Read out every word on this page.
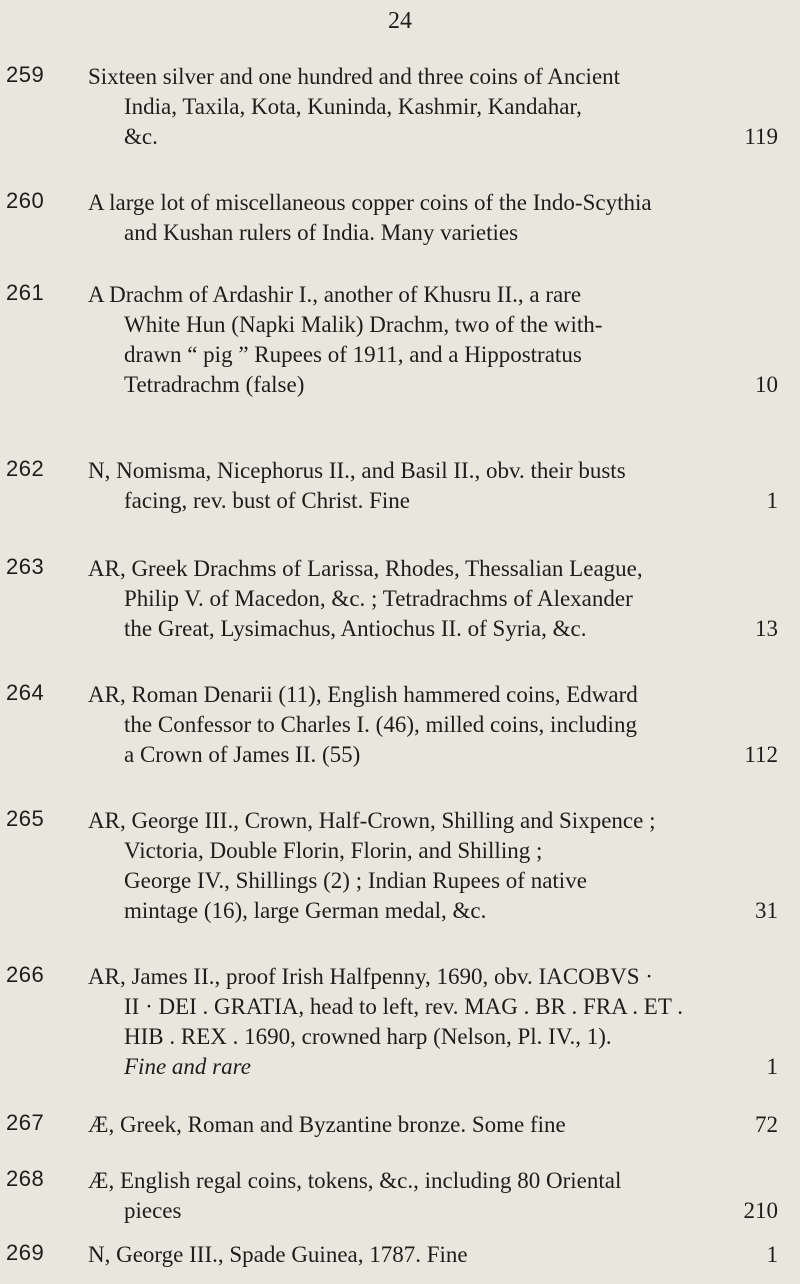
24
259	Sixteen silver and one hundred and three coins of Ancient
India, Taxila, Kota, Kuninda, Kashmir, Kandahar,
&c.	119
260	A large lot of miscellaneous copper coins of the Indo-Scythia
and Kushan rulers of India. Many varieties
261	A Drachm of Ardashir I., another of Khusru II., a rare
White Hun (Napki Malik) Drachm, two of the with-
drawn “ pig ” Rupees of 1911, and a Hippostratus
Tetradrachm (false)	10
262	N, Nomisma, Nicephorus II., and Basil II., obv. their busts
facing, rev. bust of Christ. Fine	1
263	AR, Greek Drachms of Larissa, Rhodes, Thessalian League,
Philip V. of Macedon, &c. ; Tetradrachms of Alexander
the Great, Lysimachus, Antiochus II. of Syria, &c.	13
264	AR, Roman Denarii (11), English hammered coins, Edward
the Confessor to Charles I. (46), milled coins, including
a Crown of James II. (55)	112
265	AR, George III., Crown, Half-Crown, Shilling and Sixpence ;
Victoria, Double Florin, Florin, and Shilling ;
George IV., Shillings (2) ; Indian Rupees of native
mintage (16), large German medal, &c.	31
266	AR, James II., proof Irish Halfpenny, 1690, obv. IACOBVS ·
II · DEI . GRATIA, head to left, rev. MAG . BR . FRA . ET .
HIB . REX . 1690, crowned harp (Nelson, Pl. IV., 1).
Fine and rare	1
267	Æ, Greek, Roman and Byzantine bronze. Some fine	72
268	Æ, English regal coins, tokens, &c., including 80 Oriental
pieces	210
269	N, George III., Spade Guinea, 1787. Fine	1
